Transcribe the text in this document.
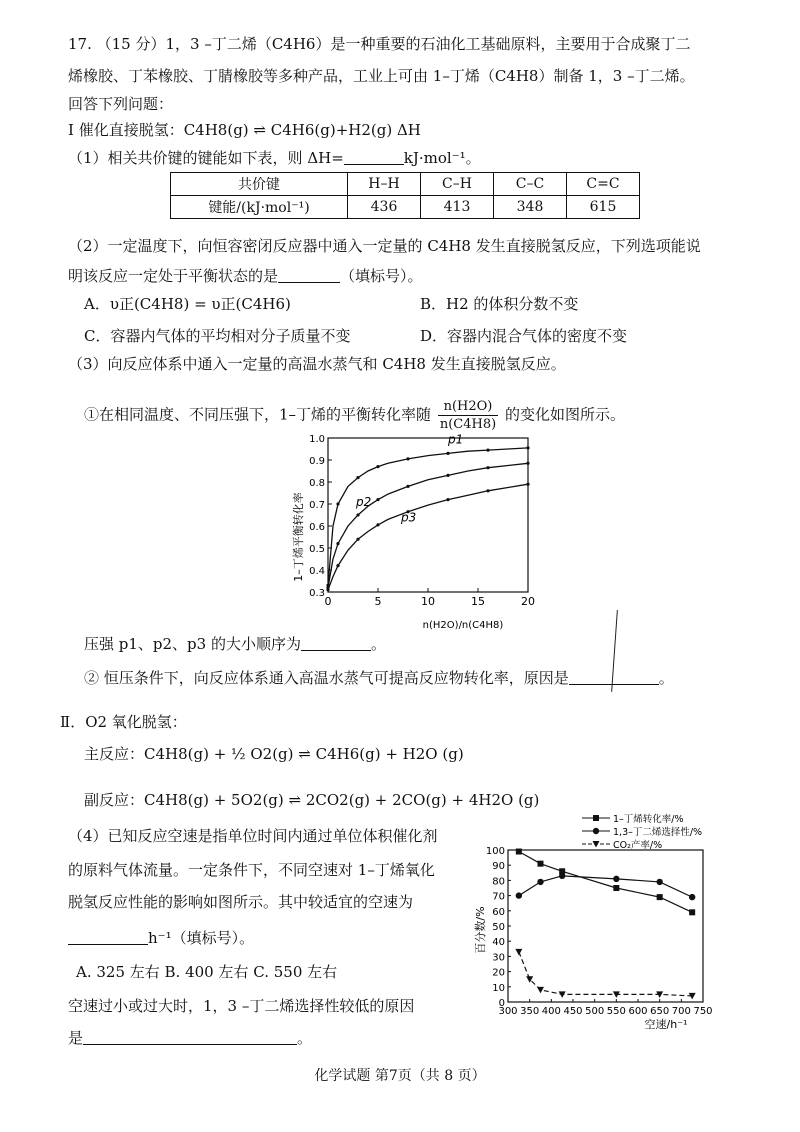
17. （15 分）1，3 –丁二烯（C4H6）是一种重要的石油化工基础原料，主要用于合成聚丁二
烯橡胶、丁苯橡胶、丁腈橡胶等多种产品，工业上可由 1–丁烯（C4H8）制备 1，3 –丁二烯。
回答下列问题：
Ⅰ 催化直接脱氢：C4H8(g) ⇌ C4H6(g)+H2(g) ΔH
（1）相关共价键的键能如下表，则 ΔH=	kJ·mol⁻¹。
共价键	H–H	C–H	C–C	C=C
键能/(kJ·mol⁻¹)	436	413	348	615
（2）一定温度下，向恒容密闭反应器中通入一定量的 C4H8 发生直接脱氢反应，下列选项能说
明该反应一定处于平衡状态的是	（填标号）。
A．υ正(C4H8) = υ正(C4H6)	B．H2 的体积分数不变
C．容器内气体的平均相对分子质量不变	D．容器内混合气体的密度不变
（3）向反应体系中通入一定量的高温水蒸气和 C4H8 发生直接脱氢反应。
①在相同温度、不同压强下，1–丁烯的平衡转化率随 $\frac{n(H2O)}{n(C4H8)}$ 的变化如图所示。
1–丁烯平衡转化率
0	5	10	15	20
0.3
0.4
0.5
0.6
0.7
0.8
0.9
1.0	p1
p2
p3
n(H2O)/n(C4H8)
压强 p1、p2、p3 的大小顺序为	。
② 恒压条件下，向反应体系通入高温水蒸气可提高反应物转化率，原因是	。
Ⅱ．O2 氧化脱氢：
主反应：C4H8(g) + ½ O2(g) ⇌ C4H6(g) + H2O (g)
副反应：C4H8(g) + 5O2(g) ⇌ 2CO2(g) + 2CO(g) + 4H2O (g)
（4）已知反应空速是指单位时间内通过单位体积催化剂
的原料气体流量。一定条件下，不同空速对 1–丁烯氧化
脱氢反应性能的影响如图所示。其中较适宜的空速为
h⁻¹（填标号）。
A. 325 左右 B. 400 左右 C. 550 左右
空速过小或过大时，1，3 –丁二烯选择性较低的原因
是	。
1–丁烯转化率/%
1,3–丁二烯选择性/%
CO₂产率/%
百分数/%
300 350 400 450 500 550 600 650 700 750
0
10
20
30
40
50
60
70
80
90
100
空速/h⁻¹
化学试题 第7页（共 8 页）
